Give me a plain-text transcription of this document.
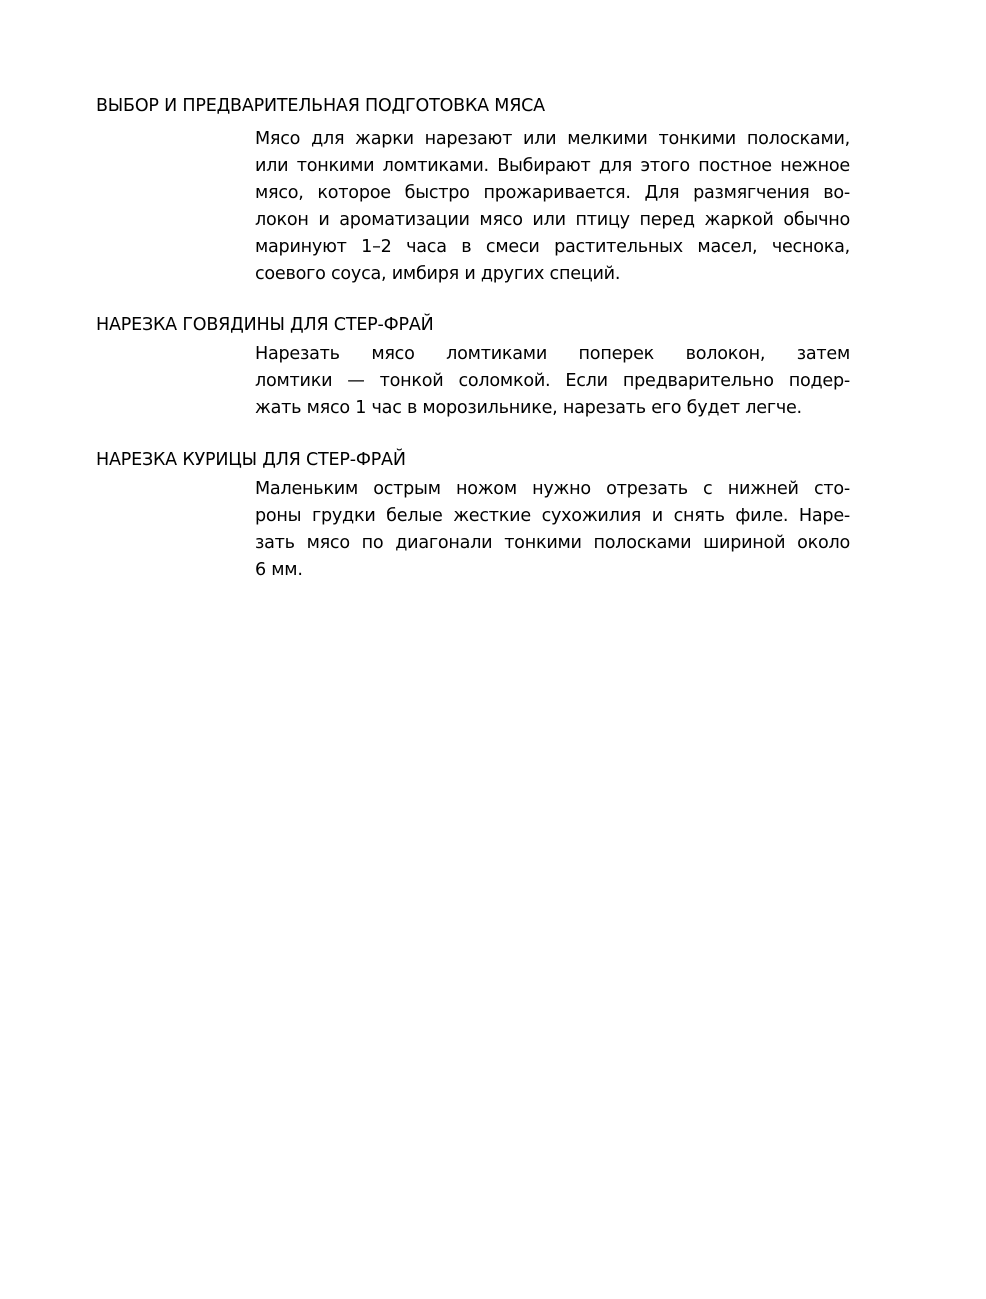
ВЫБОР И ПРЕДВАРИТЕЛЬНАЯ ПОДГОТОВКА МЯСА

Мясо для жарки нарезают или мелкими тонкими полосками,
или тонкими ломтиками. Выбирают для этого постное нежное
мясо, которое быстро прожаривается. Для размягчения во-
локон и ароматизации мясо или птицу перед жаркой обычно
маринуют 1–2 часа в смеси растительных масел, чеснока,
соевого соуса, имбиря и других специй.

НАРЕЗКА ГОВЯДИНЫ ДЛЯ СТЕР-ФРАЙ

Нарезать мясо ломтиками поперек волокон, затем
ломтики — тонкой соломкой. Если предварительно подер-
жать мясо 1 час в морозильнике, нарезать его будет легче.

НАРЕЗКА КУРИЦЫ ДЛЯ СТЕР-ФРАЙ

Маленьким острым ножом нужно отрезать с нижней сто-
роны грудки белые жесткие сухожилия и снять филе. Наре-
зать мясо по диагонали тонкими полосками шириной около
6 мм.
